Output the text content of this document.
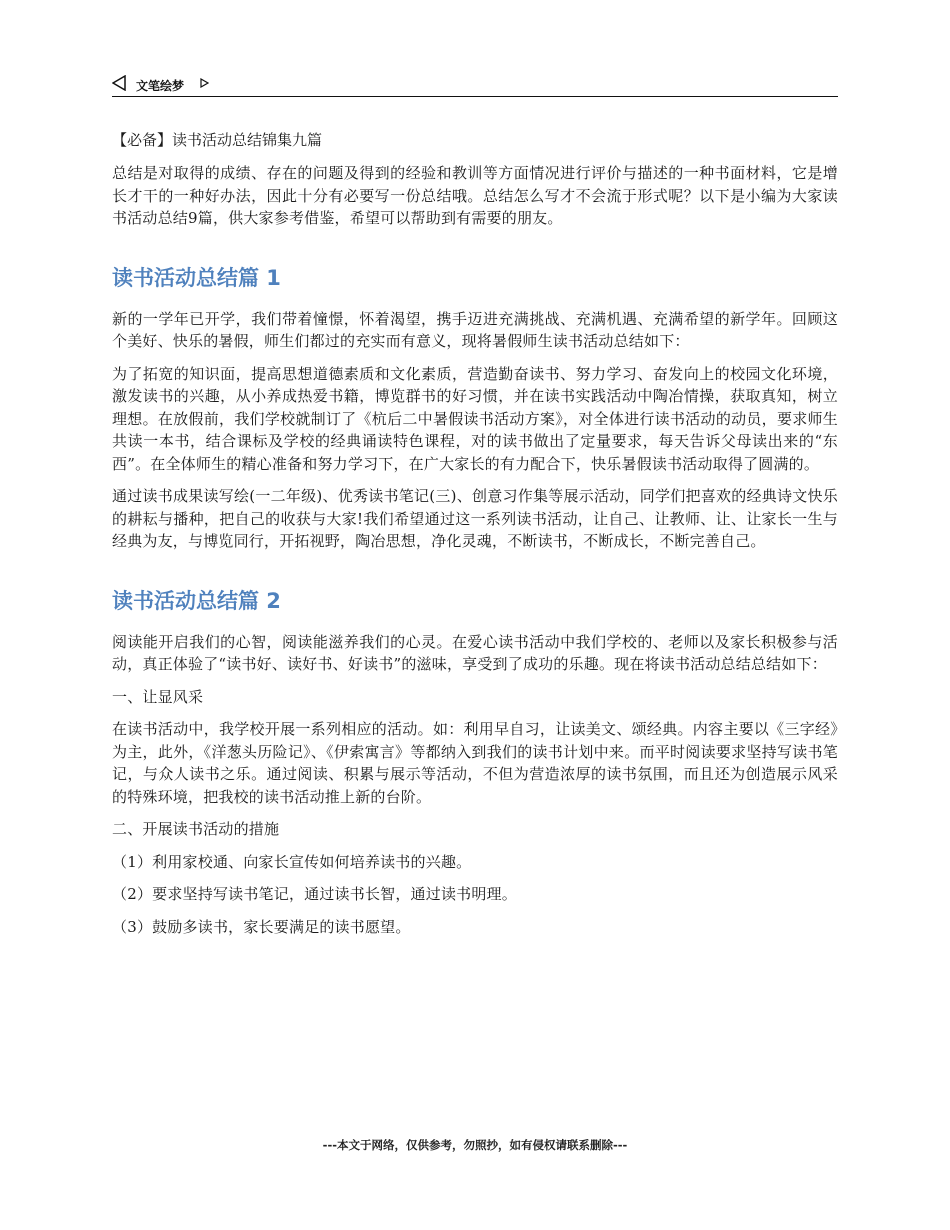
文笔绘梦
【必备】读书活动总结锦集九篇

总结是对取得的成绩、存在的问题及得到的经验和教训等方面情况进行评价与描述的一种书面材料，它是增长才干的一种好办法，因此十分有必要写一份总结哦。总结怎么写才不会流于形式呢？以下是小编为大家读书活动总结9篇，供大家参考借鉴，希望可以帮助到有需要的朋友。

读书活动总结篇 1

新的一学年已开学，我们带着憧憬，怀着渴望，携手迈进充满挑战、充满机遇、充满希望的新学年。回顾这个美好、快乐的暑假，师生们都过的充实而有意义，现将暑假师生读书活动总结如下：

为了拓宽的知识面，提高思想道德素质和文化素质，营造勤奋读书、努力学习、奋发向上的校园文化环境，激发读书的兴趣，从小养成热爱书籍，博览群书的好习惯，并在读书实践活动中陶冶情操，获取真知，树立理想。在放假前，我们学校就制订了《杭后二中暑假读书活动方案》，对全体进行读书活动的动员，要求师生共读一本书，结合课标及学校的经典诵读特色课程，对的读书做出了定量要求，每天告诉父母读出来的“东西”。在全体师生的精心准备和努力学习下，在广大家长的有力配合下，快乐暑假读书活动取得了圆满的。

通过读书成果读写绘(一二年级)、优秀读书笔记(三)、创意习作集等展示活动，同学们把喜欢的经典诗文快乐的耕耘与播种，把自己的收获与大家!我们希望通过这一系列读书活动，让自己、让教师、让、让家长一生与经典为友，与博览同行，开拓视野，陶冶思想，净化灵魂，不断读书，不断成长，不断完善自己。

读书活动总结篇 2

阅读能开启我们的心智，阅读能滋养我们的心灵。在爱心读书活动中我们学校的、老师以及家长积极参与活动，真正体验了“读书好、读好书、好读书”的滋味，享受到了成功的乐趣。现在将读书活动总结总结如下：

一、让显风采

在读书活动中，我学校开展一系列相应的活动。如：利用早自习，让读美文、颂经典。内容主要以《三字经》为主，此外，《洋葱头历险记》、《伊索寓言》等都纳入到我们的读书计划中来。而平时阅读要求坚持写读书笔记，与众人读书之乐。通过阅读、积累与展示等活动，不但为营造浓厚的读书氛围，而且还为创造展示风采的特殊环境，把我校的读书活动推上新的台阶。

二、开展读书活动的措施

（1）利用家校通、向家长宣传如何培养读书的兴趣。

（2）要求坚持写读书笔记，通过读书长智，通过读书明理。

（3）鼓励多读书，家长要满足的读书愿望。

---本文于网络，仅供参考，勿照抄，如有侵权请联系删除---
